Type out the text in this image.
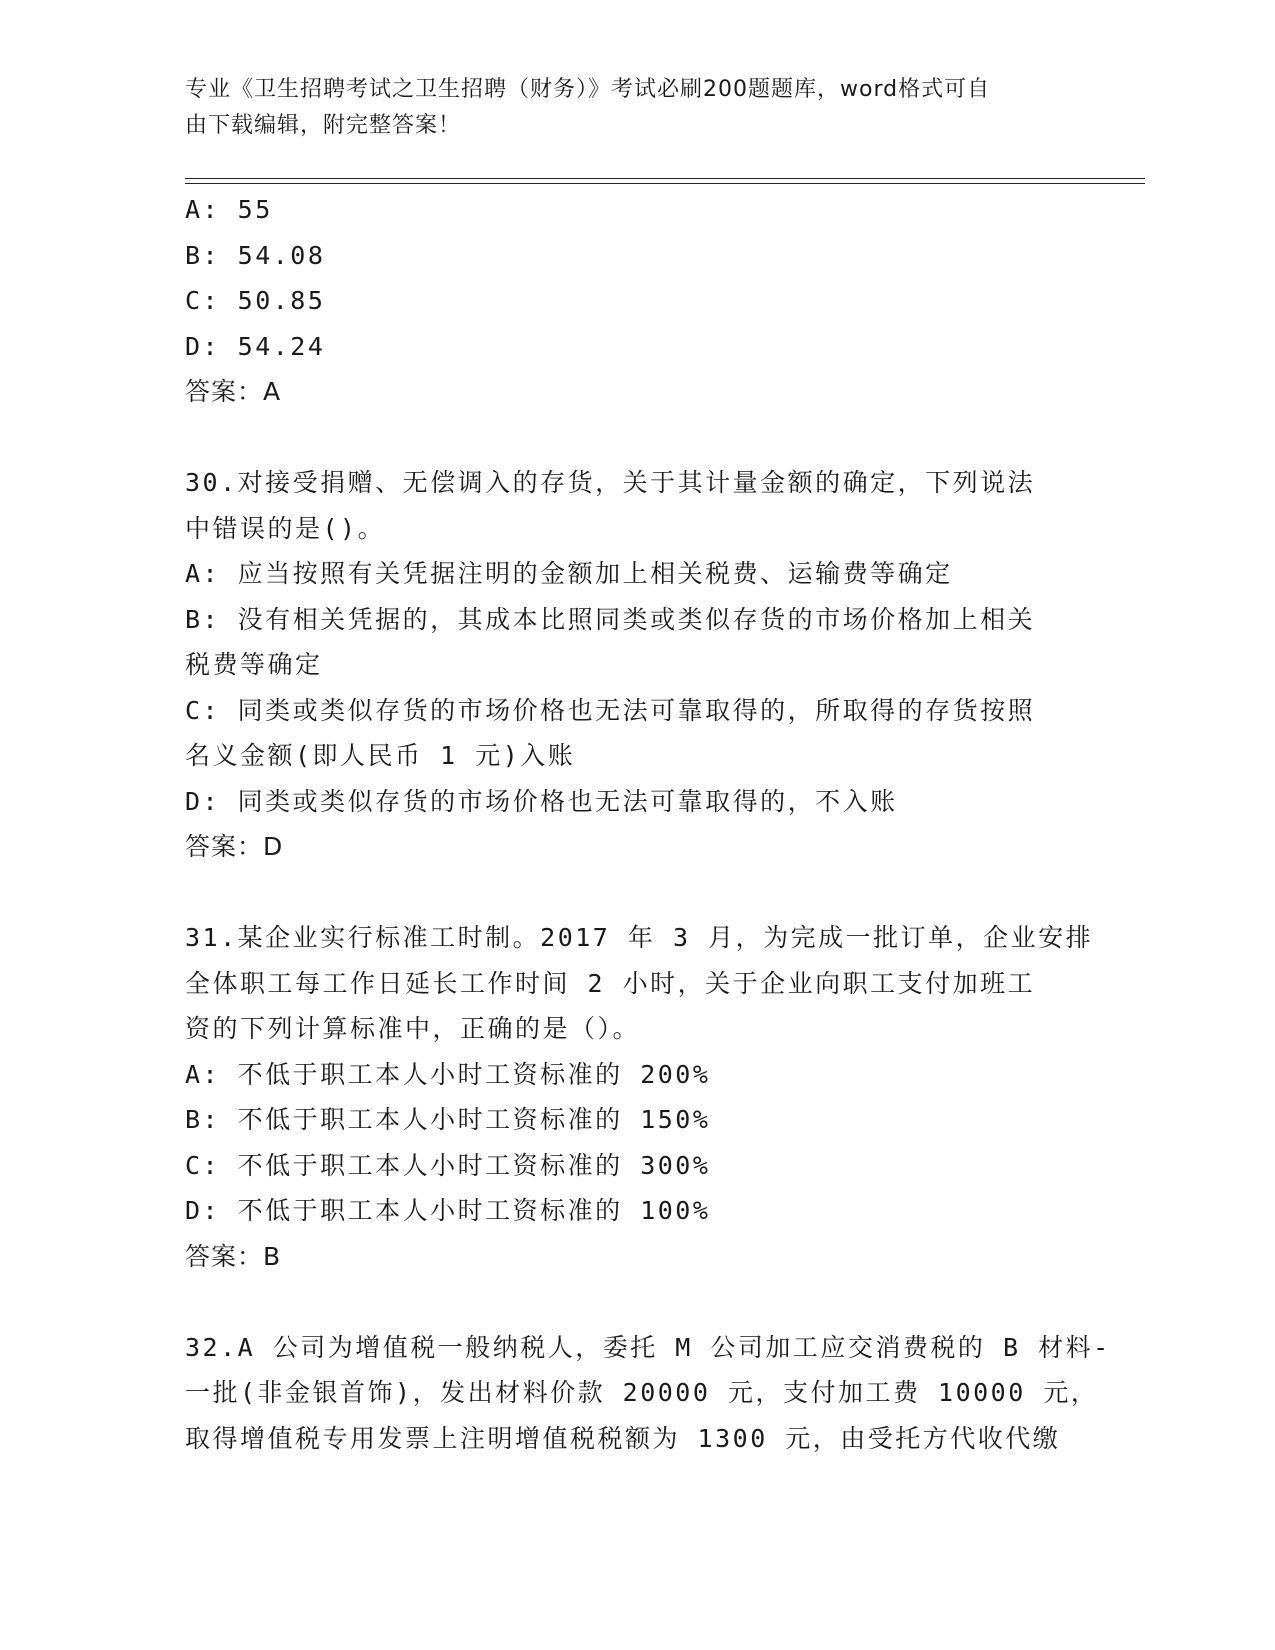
专业《卫生招聘考试之卫生招聘（财务）》考试必刷200题题库，word格式可自
由下载编辑，附完整答案！
A: 55
B: 54.08
C: 50.85
D: 54.24
答案：A
30.对接受捐赠、无偿调入的存货，关于其计量金额的确定，下列说法
中错误的是()。
A: 应当按照有关凭据注明的金额加上相关税费、运输费等确定
B: 没有相关凭据的，其成本比照同类或类似存货的市场价格加上相关
税费等确定
C: 同类或类似存货的市场价格也无法可靠取得的，所取得的存货按照
名义金额(即人民币 1 元)入账
D: 同类或类似存货的市场价格也无法可靠取得的，不入账
答案：D
31.某企业实行标准工时制。2017 年 3 月，为完成一批订单，企业安排
全体职工每工作日延长工作时间 2 小时，关于企业向职工支付加班工
资的下列计算标准中，正确的是（）。
A: 不低于职工本人小时工资标准的 200%
B: 不低于职工本人小时工资标准的 150%
C: 不低于职工本人小时工资标准的 300%
D: 不低于职工本人小时工资标准的 100%
答案：B
32.A 公司为增值税一般纳税人，委托 M 公司加工应交消费税的 B 材料-
一批(非金银首饰)，发出材料价款 20000 元，支付加工费 10000 元，
取得增值税专用发票上注明增值税税额为 1300 元，由受托方代收代缴
